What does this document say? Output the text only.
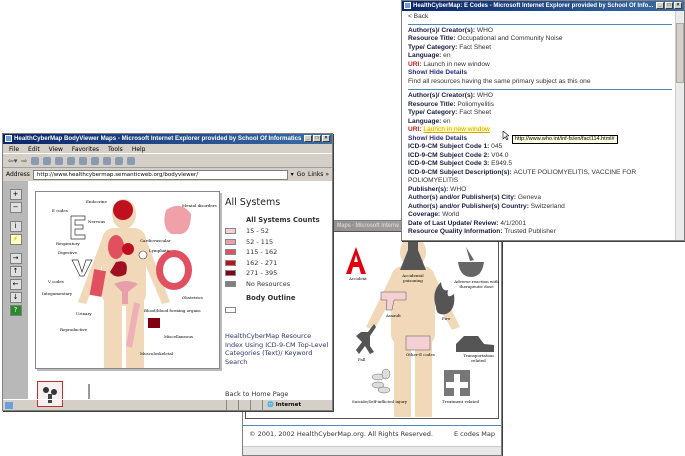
Maps - Microsoft Interne
Accident
Accidental poisoning	Adverse reaction with therapeutic dose
Assault
Fire
Fall
Other-E codes	Transportation related
Suicide/Self-inflicted injury	Treatment related
© 2001, 2002 HealthCyberMap.org. All Rights Reserved.	E codes Map
HealthCyberMap BodyViewer Maps - Microsoft Internet Explorer provided by School Of Informatics	_	□	×
File Edit View Favorites Tools Help
⇦▾ ⇨
Address	http://www.healthcybermap.semanticweb.org/bodyviewer/	▾ Go Links »
+
−
i
⚡
→
↑
←
↓
?
Endocrine
Nervous
Mental disorders
E codes
Respiratory
Cardiovascular
Digestive	Lymphatic
V codes
Integumentary
Obstetrics
Urinary
Blood/blood forming organs
Reproductive
Miscellaneous
Musculoskeletal
All Systems
All Systems Counts
15 - 52
52 - 115
115 - 162
162 - 271
271 - 395
No Resources
Body Outline
HealthCyberMap Resource Index Using ICD-9-CM Top-Level Categories (Text)/ Keyword Search
Back to Home Page
🌐 Internet
HealthCyberMap: E Codes - Microsoft Internet Explorer provided by School Of Info...	_	□	×
< Back
Author(s)/ Creator(s): WHO
Resource Title: Occupational and Community Noise
Type/ Category: Fact Sheet
Language: en
URI: Launch in new window
Show/ Hide Details
Find all resources having the same primary subject as this one
Author(s)/ Creator(s): WHO
Resource Title: Poliomyelitis
Type/ Category: Fact Sheet
Language: en
URI: Launch in new window
Show/ Hide Details
ICD-9-CM Subject Code 1: 045
ICD-9-CM Subject Code 2: V04.0
ICD-9-CM Subject Code 3: E949.5
ICD-9-CM Subject Description(s): ACUTE POLIOMYELITIS, VACCINE FOR
POLIOMYELITIS
Publisher(s): WHO
Author(s) and/or Publisher(s) City: Geneva
Author(s) and/or Publisher(s) Country: Switzerland
Coverage: World
Date of Last Update/ Review: 4/1/2001
Resource Quality Information: Trusted Publisher
http://www.who.int/inf-fs/en/fact114.html#
